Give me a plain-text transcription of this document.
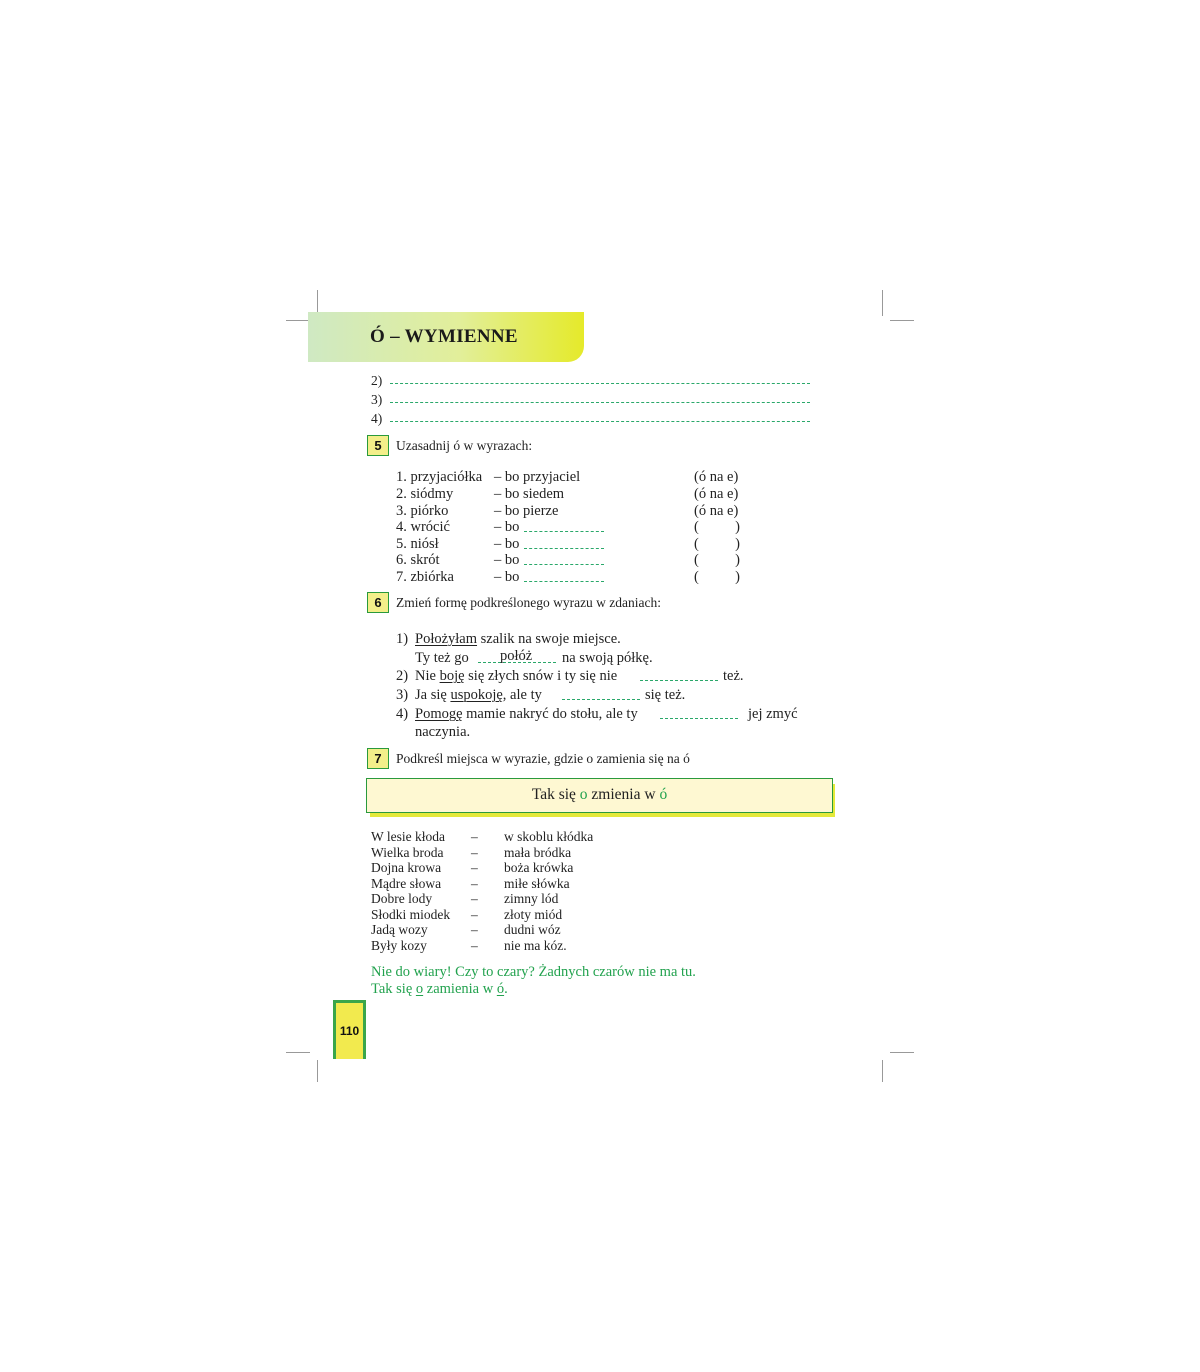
Ó – WYMIENNE
2)
3)
4)
5	Uzasadnij ó w wyrazach:
1. przyjaciółka – bo przyjaciel	(ó na e)
2. siódmy	– bo siedem	(ó na e)
3. piórko	– bo pierze	(ó na e)
4. wrócić	– bo	(          )
5. niósł	– bo	(          )
6. skrót	– bo	(          )
7. zbiórka	– bo	(          )
6	Zmień formę podkreślonego wyrazu w zdaniach:
1) Położyłam szalik na swoje miejsce.
Ty też go połóż na swoją półkę.
2) Nie boję się złych snów i ty się nie	też.
3) Ja się uspokoję, ale ty	się też.
4) Pomogę mamie nakryć do stołu, ale ty	jej zmyć
naczynia.
7	Podkreśl miejsca w wyrazie, gdzie o zamienia się na ó
Tak się o zmienia w ó
W lesie kłoda – w skoblu kłódka
Wielka broda – mała bródka
Dojna krowa – boża krówka
Mądre słowa – miłe słówka
Dobre lody	– zimny lód
Słodki miodek – złoty miód
Jadą wozy	– dudni wóz
Były kozy	– nie ma kóz.
Nie do wiary! Czy to czary? Żadnych czarów nie ma tu.
Tak się o zamienia w ó.
110
